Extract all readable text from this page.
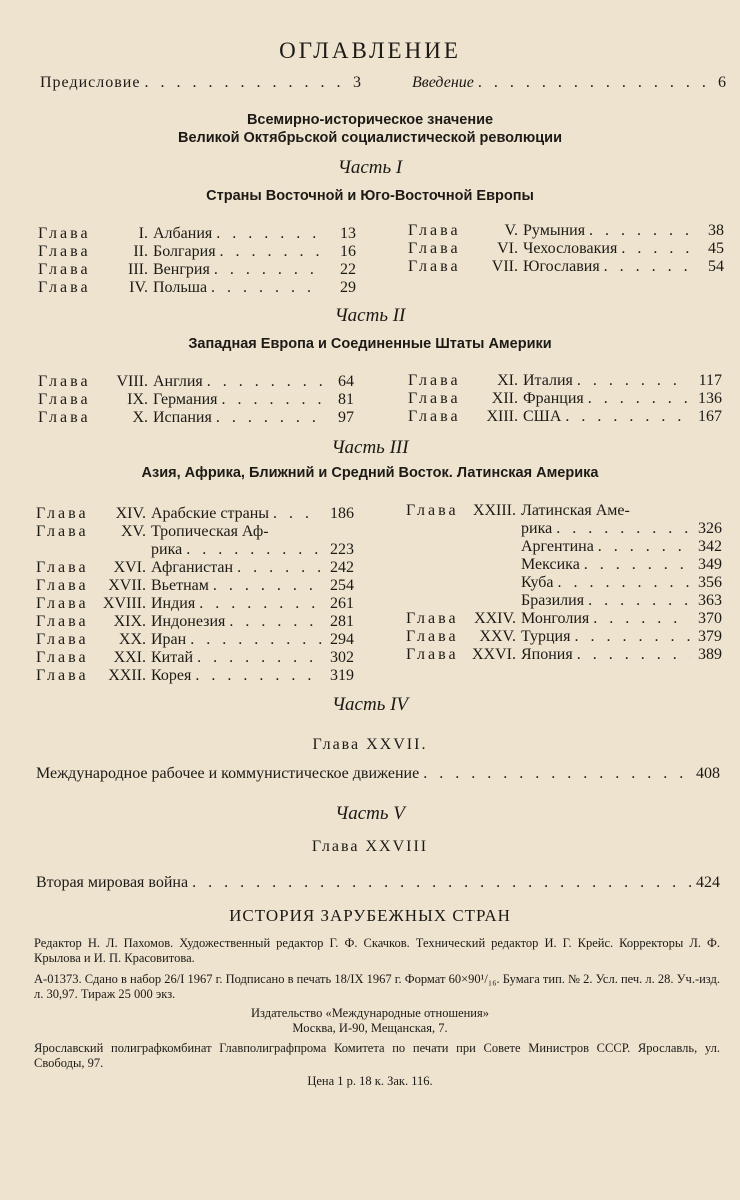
ОГЛАВЛЕНИЕ
Предисловие . . .	3	Введение . . .	6
Всемирно-историческое значение
Великой Октябрьской социалистической революции
Часть I
Страны Восточной и Юго-Восточной Европы
Глава	I. Албания . . .	13
Глава	II. Болгария . . .	16
Глава	III. Венгрия . . .	22
Глава	IV. Польша . . .	29
Глава	V. Румыния . . .	38
Глава	VI. Чехословакия . . .	45
Глава	VII. Югославия . . .	54
Часть II
Западная Европа и Соединенные Штаты Америки
Глава	VIII. Англия . . .	64
Глава	IX. Германия . . .	81
Глава	X. Испания . . .	97
Глава	XI. Италия . . .	117
Глава	XII. Франция . . .	136
Глава	XIII. США . . .	167
Часть III
Азия, Африка, Ближний и Средний Восток. Латинская Америка
Глава	XIV. Арабские страны . . .	186
Глава	XV. Тропическая Аф-
рика . . .	223
Глава	XVI. Афганистан . . .	242
Глава	XVII. Вьетнам . . .	254
Глава XVIII. Индия . . .	261
Глава	XIX. Индонезия . . .	281
Глава	XX. Иран . . .	294
Глава	XXI. Китай . . .	302
Глава	XXII. Корея . . .	319
Глава XXIII. Латинская Аме-
рика . . .	326
Аргентина . . .	342
Мексика . . .	349
Куба . . .	356
Бразилия . . .	363
Глава XXIV. Монголия . . .	370
Глава	XXV. Турция . . .	379
Глава XXVI. Япония . . .	389
Часть IV
Глава XXVII.
Международное рабочее и коммунистическое движение . . .	408
Часть V
Глава XXVIII
Вторая мировая война . . .	424
ИСТОРИЯ ЗАРУБЕЖНЫХ СТРАН
Редактор Н. Л. Пахомов. Художественный редактор Г. Ф. Скачков. Технический редактор И. Г. Крейс. Корректоры Л. Ф. Крылова и И. П. Красовитова.
А-01373. Сдано в набор 26/I 1967 г. Подписано в печать 18/IX 1967 г. Формат 60×90¹/₁₆. Бумага тип. № 2. Усл. печ. л. 28. Уч.-изд. л. 30,97. Тираж 25 000 экз.
Издательство «Международные отношения»
Москва, И-90, Мещанская, 7.
Ярославский полиграфкомбинат Главполиграфпрома Комитета по печати при Совете Министров СССР. Ярославль, ул. Свободы, 97.
Цена 1 р. 18 к. Зак. 116.
